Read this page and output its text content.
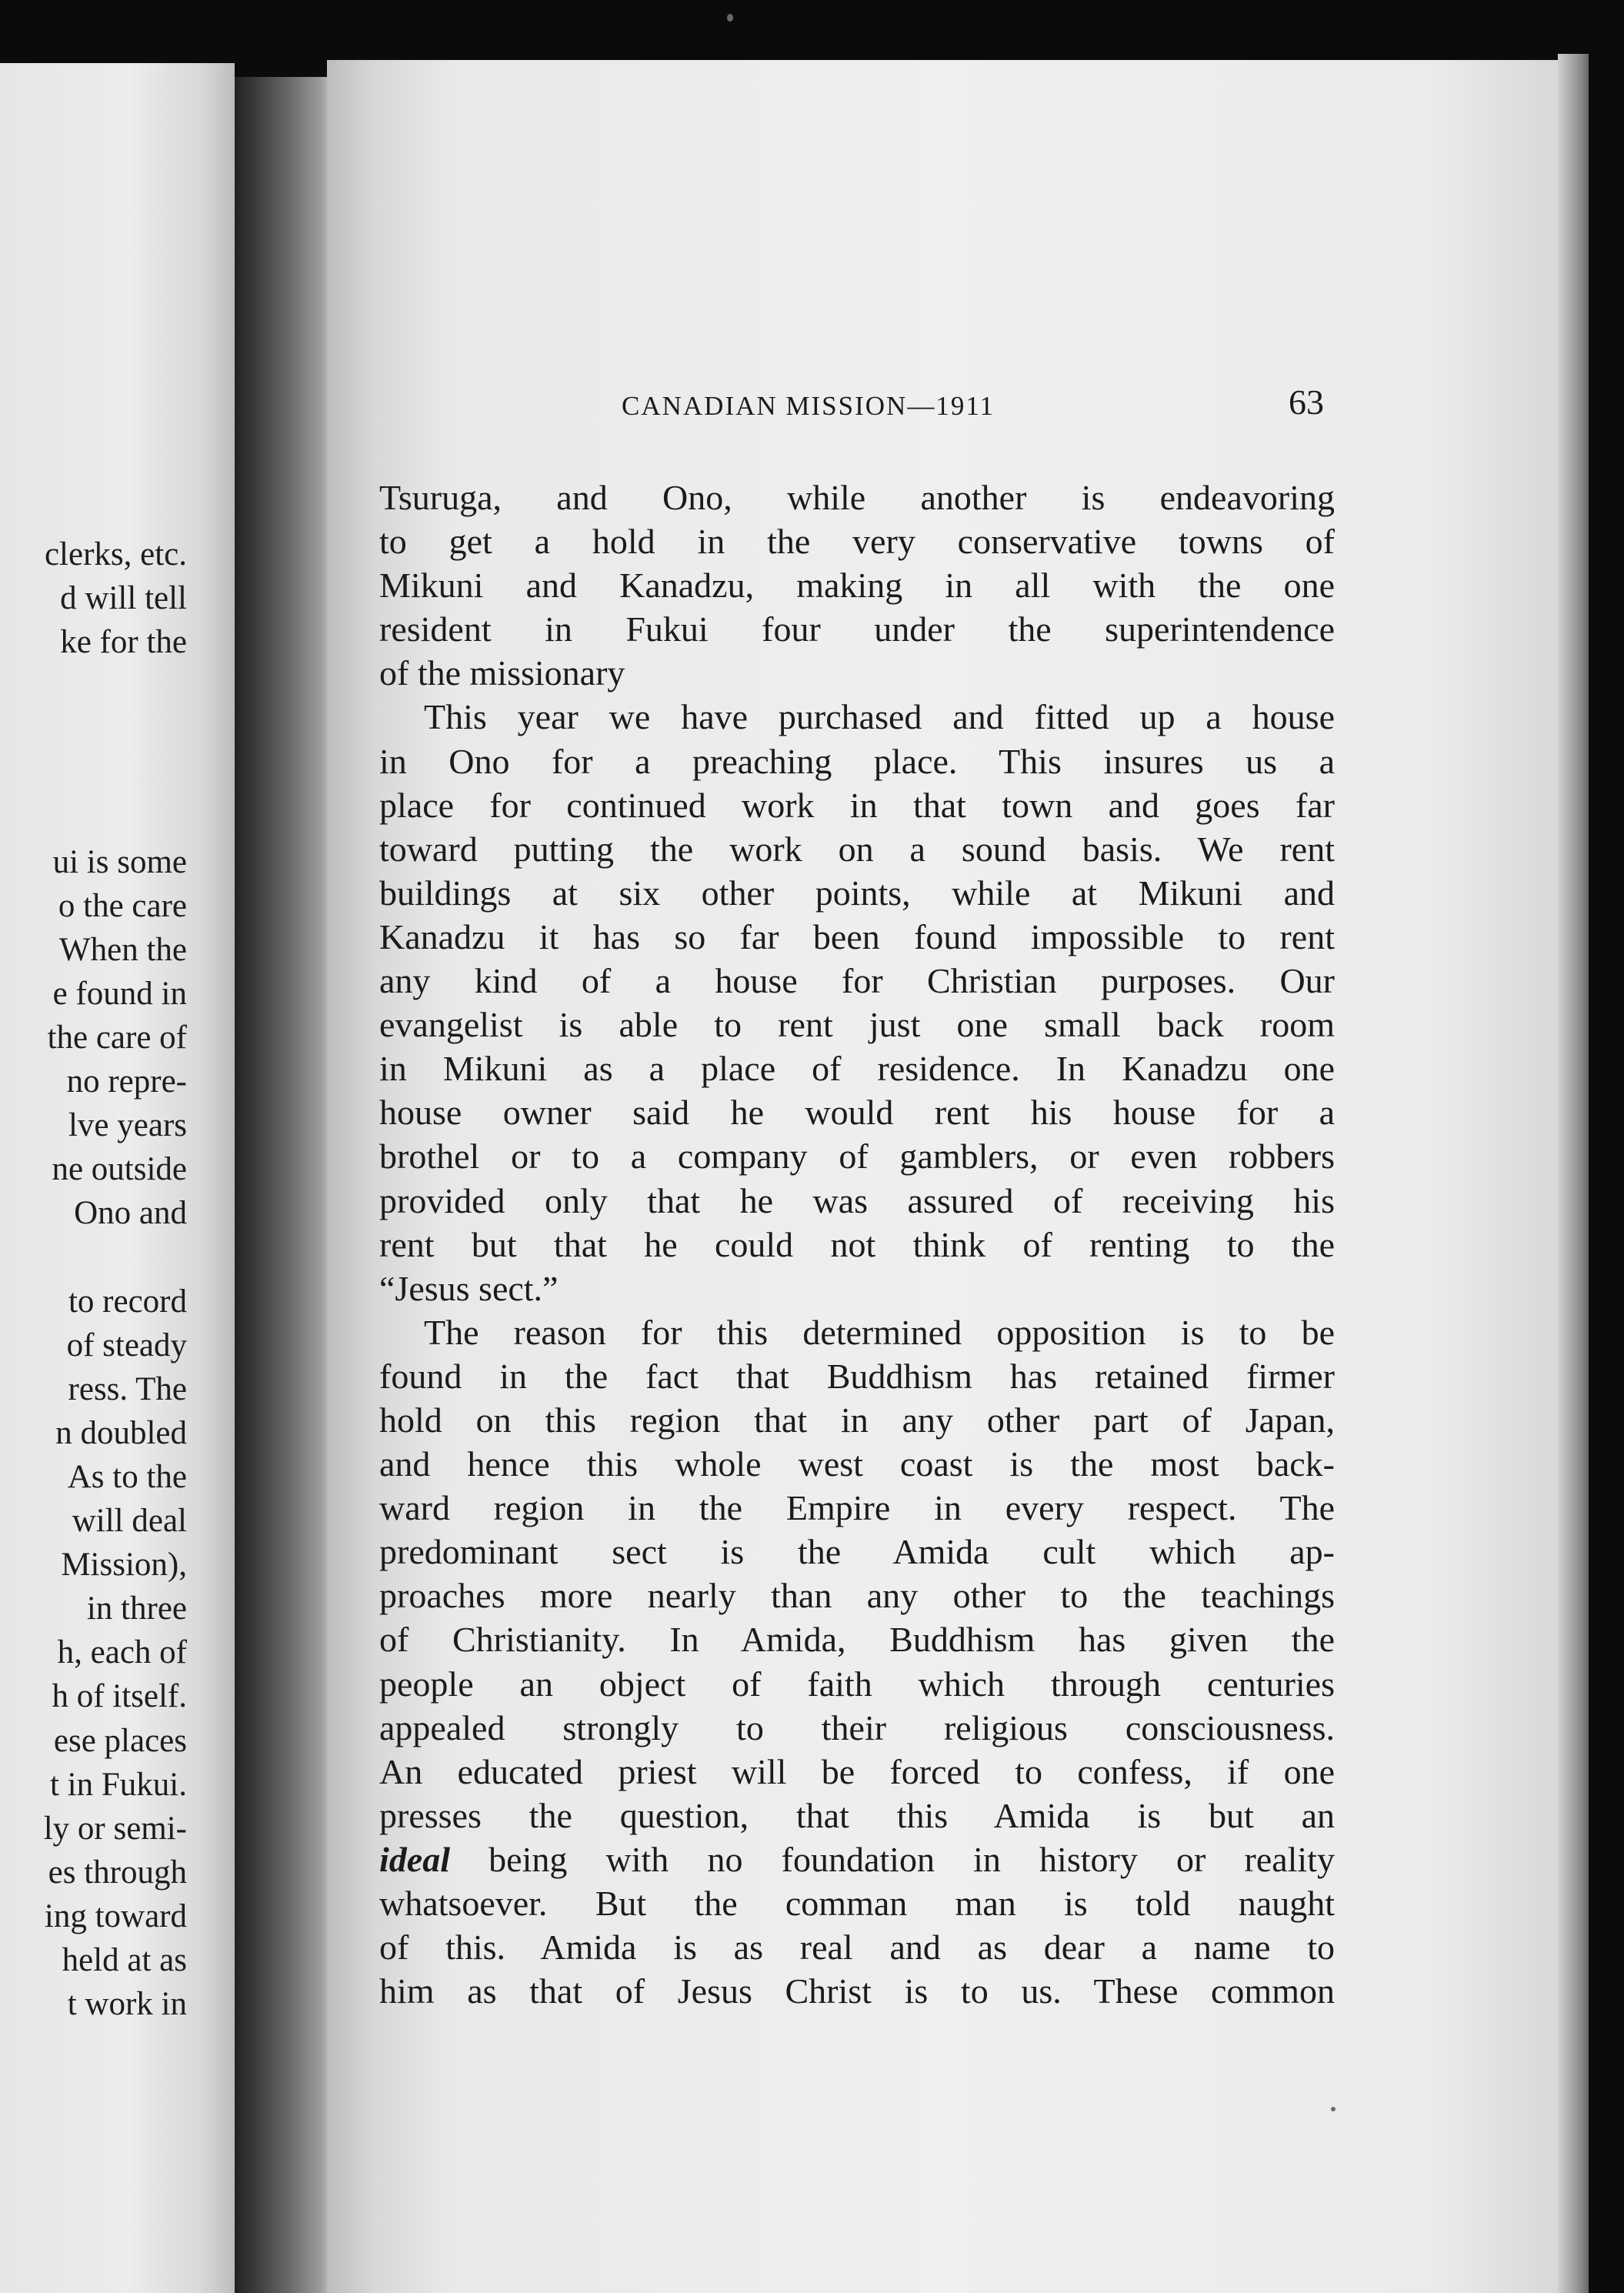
clerks, etc.
d will tell
ke for the
ui is some
o the care
When the
e found in
the care of
no repre-
lve years
ne outside
Ono and
to record
of steady
ress. The
n doubled
As to the
will deal
Mission),
in three
h, each of
h of itself.
ese places
t in Fukui.
ly or semi-
es through
ing toward
held at as
t work in
CANADIAN MISSION—1911	63
Tsuruga, and Ono, while another is endeavoring
to get a hold in the very conservative towns of
Mikuni and Kanadzu, making in all with the one
resident in Fukui four under the superintendence
of the missionary
This year we have purchased and fitted up a house
in Ono for a preaching place. This insures us a
place for continued work in that town and goes far
toward putting the work on a sound basis. We rent
buildings at six other points, while at Mikuni and
Kanadzu it has so far been found impossible to rent
any kind of a house for Christian purposes. Our
evangelist is able to rent just one small back room
in Mikuni as a place of residence. In Kanadzu one
house owner said he would rent his house for a
brothel or to a company of gamblers, or even robbers
provided only that he was assured of receiving his
rent but that he could not think of renting to the
“Jesus sect.”
The reason for this determined opposition is to be
found in the fact that Buddhism has retained firmer
hold on this region that in any other part of Japan,
and hence this whole west coast is the most back-
ward region in the Empire in every respect. The
predominant sect is the Amida cult which ap-
proaches more nearly than any other to the teachings
of Christianity. In Amida, Buddhism has given the
people an object of faith which through centuries
appealed strongly to their religious consciousness.
An educated priest will be forced to confess, if one
presses the question, that this Amida is but an
ideal being with no foundation in history or reality
whatsoever. But the comman man is told naught
of this. Amida is as real and as dear a name to
him as that of Jesus Christ is to us. These common
